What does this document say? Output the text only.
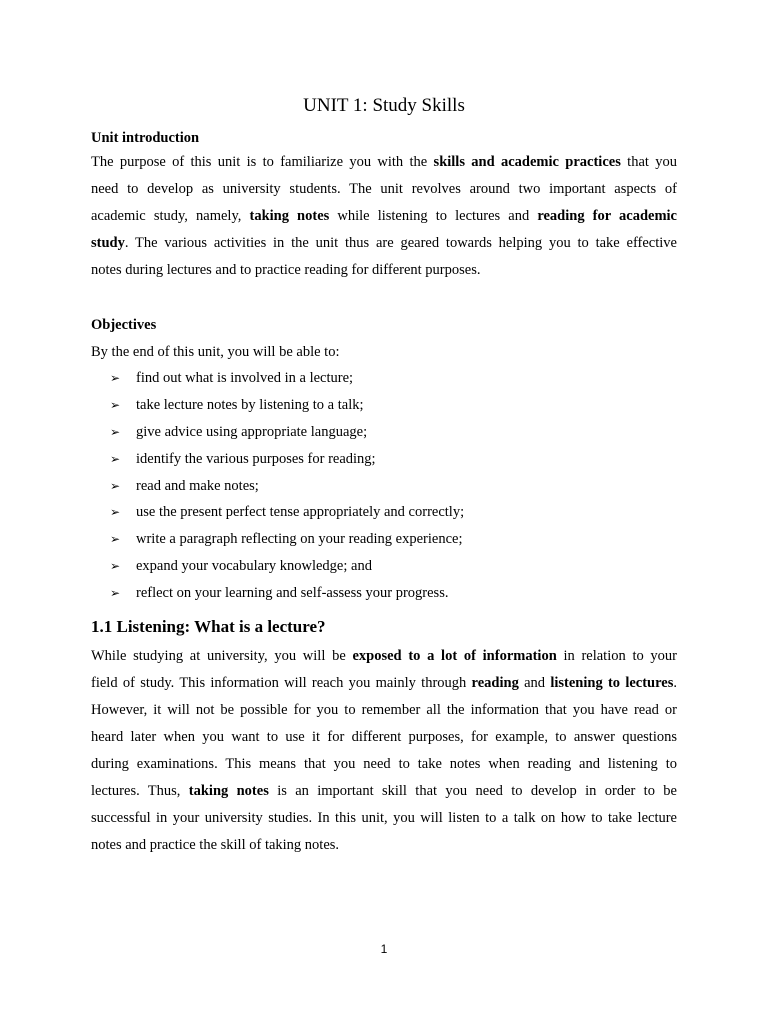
UNIT 1: Study Skills
Unit introduction
The purpose of this unit is to familiarize you with the skills and academic practices that you
need to develop as university students. The unit revolves around two important aspects of
academic study, namely, taking notes while listening to lectures and reading for academic
study. The various activities in the unit thus are geared towards helping you to take effective
notes during lectures and to practice reading for different purposes.
Objectives

By the end of this unit, you will be able to:

➢	find out what is involved in a lecture;
➢	take lecture notes by listening to a talk;
➢	give advice using appropriate language;
➢	identify the various purposes for reading;
➢	read and make notes;
➢	use the present perfect tense appropriately and correctly;
➢	write a paragraph reflecting on your reading experience;
➢	expand your vocabulary knowledge; and
➢	reflect on your learning and self-assess your progress.
1.1 Listening: What is a lecture?
While studying at university, you will be exposed to a lot of information in relation to your
field of study. This information will reach you mainly through reading and listening to lectures.
However, it will not be possible for you to remember all the information that you have read or
heard later when you want to use it for different purposes, for example, to answer questions
during examinations. This means that you need to take notes when reading and listening to
lectures. Thus, taking notes is an important skill that you need to develop in order to be
successful in your university studies. In this unit, you will listen to a talk on how to take lecture
notes and practice the skill of taking notes.
1
